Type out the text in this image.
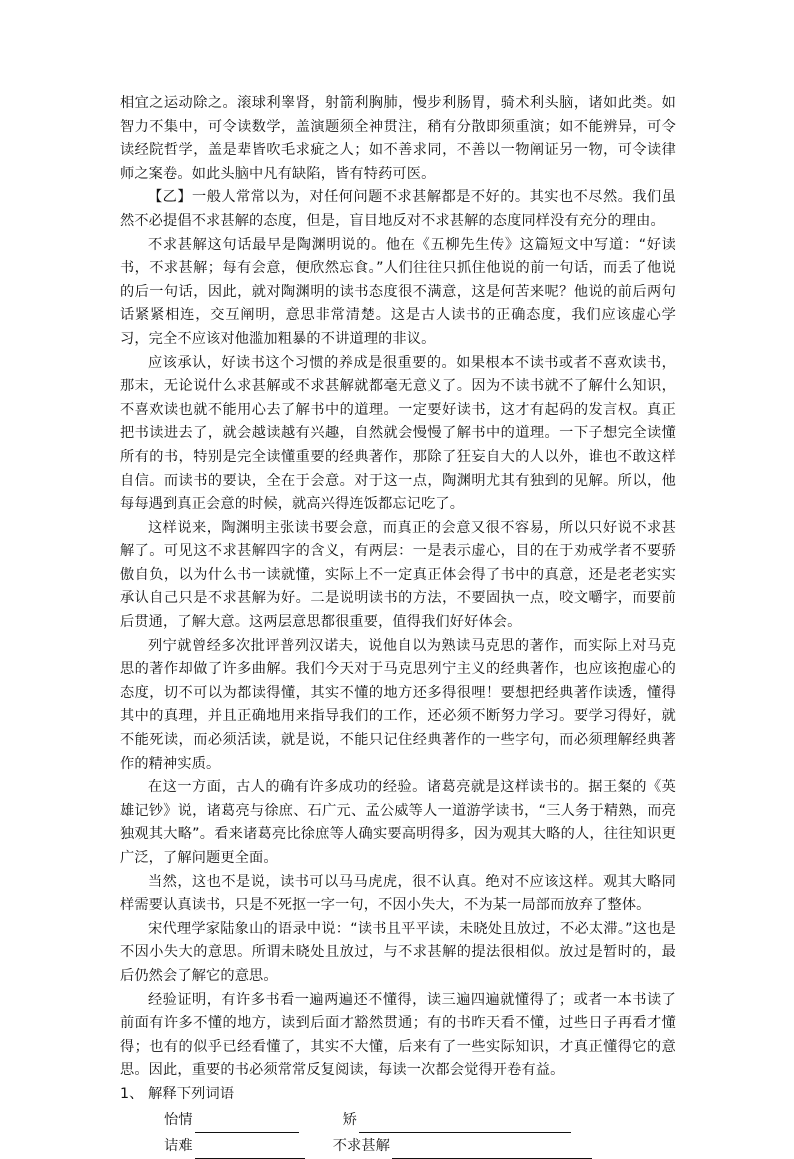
相宜之运动除之。滚球利睾肾，射箭利胸肺，慢步利肠胃，骑术利头脑，诸如此类。如智力不集中，可令读数学，盖演题须全神贯注，稍有分散即须重演；如不能辨异，可令读经院哲学，盖是辈皆吹毛求疵之人；如不善求同，不善以一物阐证另一物，可令读律师之案卷。如此头脑中凡有缺陷，皆有特药可医。

【乙】一般人常常以为，对任何问题不求甚解都是不好的。其实也不尽然。我们虽然不必提倡不求甚解的态度，但是，盲目地反对不求甚解的态度同样没有充分的理由。

不求甚解这句话最早是陶渊明说的。他在《五柳先生传》这篇短文中写道：“好读书，不求甚解；每有会意，便欣然忘食。”人们往往只抓住他说的前一句话，而丢了他说的后一句话，因此，就对陶渊明的读书态度很不满意，这是何苦来呢？他说的前后两句话紧紧相连，交互阐明，意思非常清楚。这是古人读书的正确态度，我们应该虚心学习，完全不应该对他滥加粗暴的不讲道理的非议。

应该承认，好读书这个习惯的养成是很重要的。如果根本不读书或者不喜欢读书，那末，无论说什么求甚解或不求甚解就都毫无意义了。因为不读书就不了解什么知识，不喜欢读也就不能用心去了解书中的道理。一定要好读书，这才有起码的发言权。真正把书读进去了，就会越读越有兴趣，自然就会慢慢了解书中的道理。一下子想完全读懂所有的书，特别是完全读懂重要的经典著作，那除了狂妄自大的人以外，谁也不敢这样自信。而读书的要诀，全在于会意。对于这一点，陶渊明尤其有独到的见解。所以，他每每遇到真正会意的时候，就高兴得连饭都忘记吃了。

这样说来，陶渊明主张读书要会意，而真正的会意又很不容易，所以只好说不求甚解了。可见这不求甚解四字的含义，有两层：一是表示虚心，目的在于劝戒学者不要骄傲自负，以为什么书一读就懂，实际上不一定真正体会得了书中的真意，还是老老实实承认自己只是不求甚解为好。二是说明读书的方法，不要固执一点，咬文嚼字，而要前后贯通，了解大意。这两层意思都很重要，值得我们好好体会。

列宁就曾经多次批评普列汉诺夫，说他自以为熟读马克思的著作，而实际上对马克思的著作却做了许多曲解。我们今天对于马克思列宁主义的经典著作，也应该抱虚心的态度，切不可以为都读得懂，其实不懂的地方还多得很哩！要想把经典著作读透，懂得其中的真理，并且正确地用来指导我们的工作，还必须不断努力学习。要学习得好，就不能死读，而必须活读，就是说，不能只记住经典著作的一些字句，而必须理解经典著作的精神实质。

在这一方面，古人的确有许多成功的经验。诸葛亮就是这样读书的。据王粲的《英雄记钞》说，诸葛亮与徐庶、石广元、孟公威等人一道游学读书，“三人务于精熟，而亮独观其大略”。看来诸葛亮比徐庶等人确实要高明得多，因为观其大略的人，往往知识更广泛，了解问题更全面。

当然，这也不是说，读书可以马马虎虎，很不认真。绝对不应该这样。观其大略同样需要认真读书，只是不死抠一字一句，不因小失大，不为某一局部而放弃了整体。

宋代理学家陆象山的语录中说：“读书且平平读，未晓处且放过，不必太滞。”这也是不因小失大的意思。所谓未晓处且放过，与不求甚解的提法很相似。放过是暂时的，最后仍然会了解它的意思。

经验证明，有许多书看一遍两遍还不懂得，读三遍四遍就懂得了；或者一本书读了前面有许多不懂的地方，读到后面才豁然贯通；有的书昨天看不懂，过些日子再看才懂得；也有的似乎已经看懂了，其实不大懂，后来有了一些实际知识，才真正懂得它的意思。因此，重要的书必须常常反复阅读，每读一次都会觉得开卷有益。

1、 解释下列词语

怡情	矫
诘难	不求甚解
